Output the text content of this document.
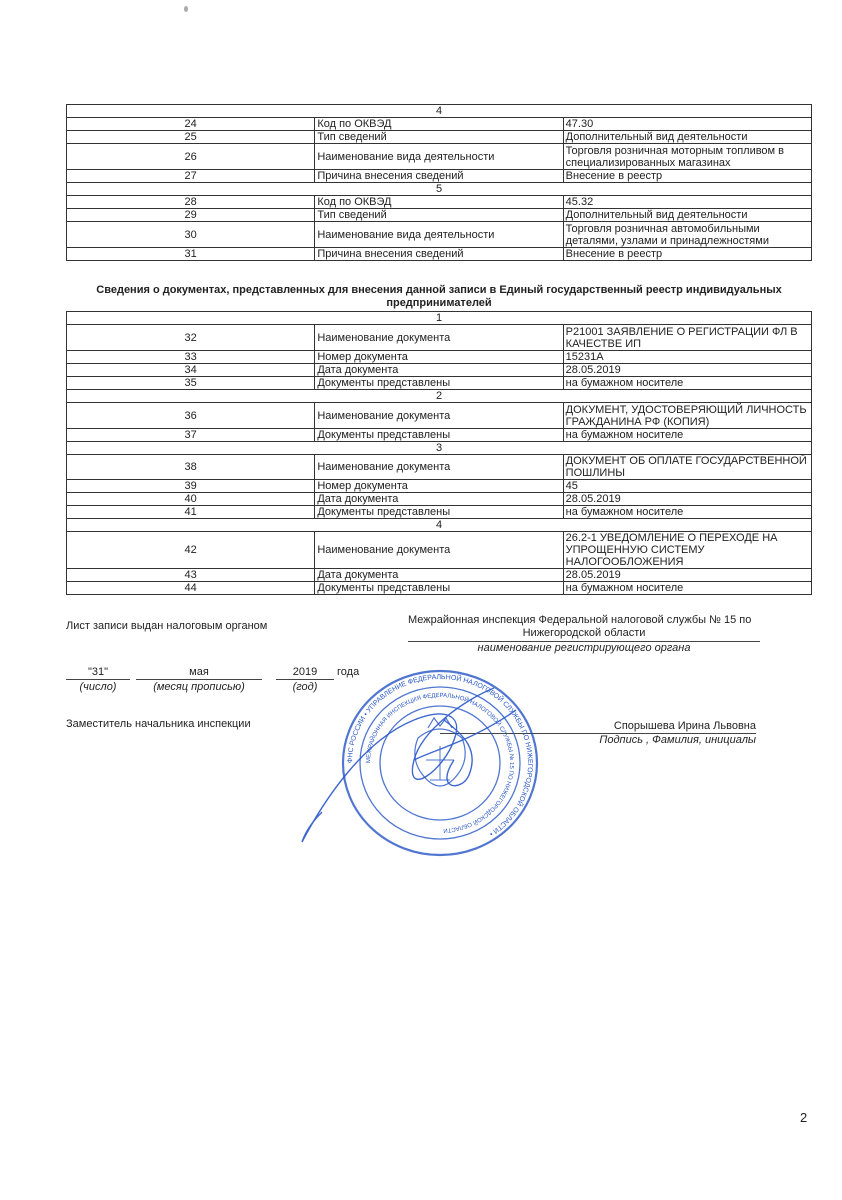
4		
24	Код по ОКВЭД	47.30
25	Тип сведений	Дополнительный вид деятельности
26	Наименование вида деятельности	Торговля розничная моторным топливом в специализированных магазинах
27	Причина внесения сведений	Внесение в реестр
5		
28	Код по ОКВЭД	45.32
29	Тип сведений	Дополнительный вид деятельности
30	Наименование вида деятельности	Торговля розничная автомобильными деталями, узлами и принадлежностями
31	Причина внесения сведений	Внесение в реестр
Сведения о документах, представленных для внесения данной записи в Единый государственный реестр индивидуальных предпринимателей
1		
32	Наименование документа	Р21001 ЗАЯВЛЕНИЕ О РЕГИСТРАЦИИ ФЛ В КАЧЕСТВЕ ИП
33	Номер документа	15231А
34	Дата документа	28.05.2019
35	Документы представлены	на бумажном носителе
2		
36	Наименование документа	ДОКУМЕНТ, УДОСТОВЕРЯЮЩИЙ ЛИЧНОСТЬ ГРАЖДАНИНА РФ (КОПИЯ)
37	Документы представлены	на бумажном носителе
3		
38	Наименование документа	ДОКУМЕНТ ОБ ОПЛАТЕ ГОСУДАРСТВЕННОЙ ПОШЛИНЫ
39	Номер документа	45
40	Дата документа	28.05.2019
41	Документы представлены	на бумажном носителе
4		
42	Наименование документа	26.2-1 УВЕДОМЛЕНИЕ О ПЕРЕХОДЕ НА УПРОЩЕННУЮ СИСТЕМУ НАЛОГООБЛОЖЕНИЯ
43	Дата документа	28.05.2019
44	Документы представлены	на бумажном носителе
Лист записи выдан налоговым органом	Межрайонная инспекция Федеральной налоговой службы № 15 по
Нижегородской области
наименование регистрирующего органа
"31"
(число)
мая
(месяц прописью)
2019
(год)
года
Заместитель начальника инспекции	Спорышева Ирина Львовна
Подпись , Фамилия, инициалы
ФНС РОССИИ • УПРАВЛЕНИЕ ФЕДЕРАЛЬНОЙ НАЛОГОВОЙ СЛУЖБЫ ПО НИЖЕГОРОДСКОЙ ОБЛАСТИ •
МЕЖРАЙОННАЯ ИНСПЕКЦИЯ ФЕДЕРАЛЬНОЙ НАЛОГОВОЙ СЛУЖБЫ № 15 ПО НИЖЕГОРОДСКОЙ ОБЛАСТИ
2
